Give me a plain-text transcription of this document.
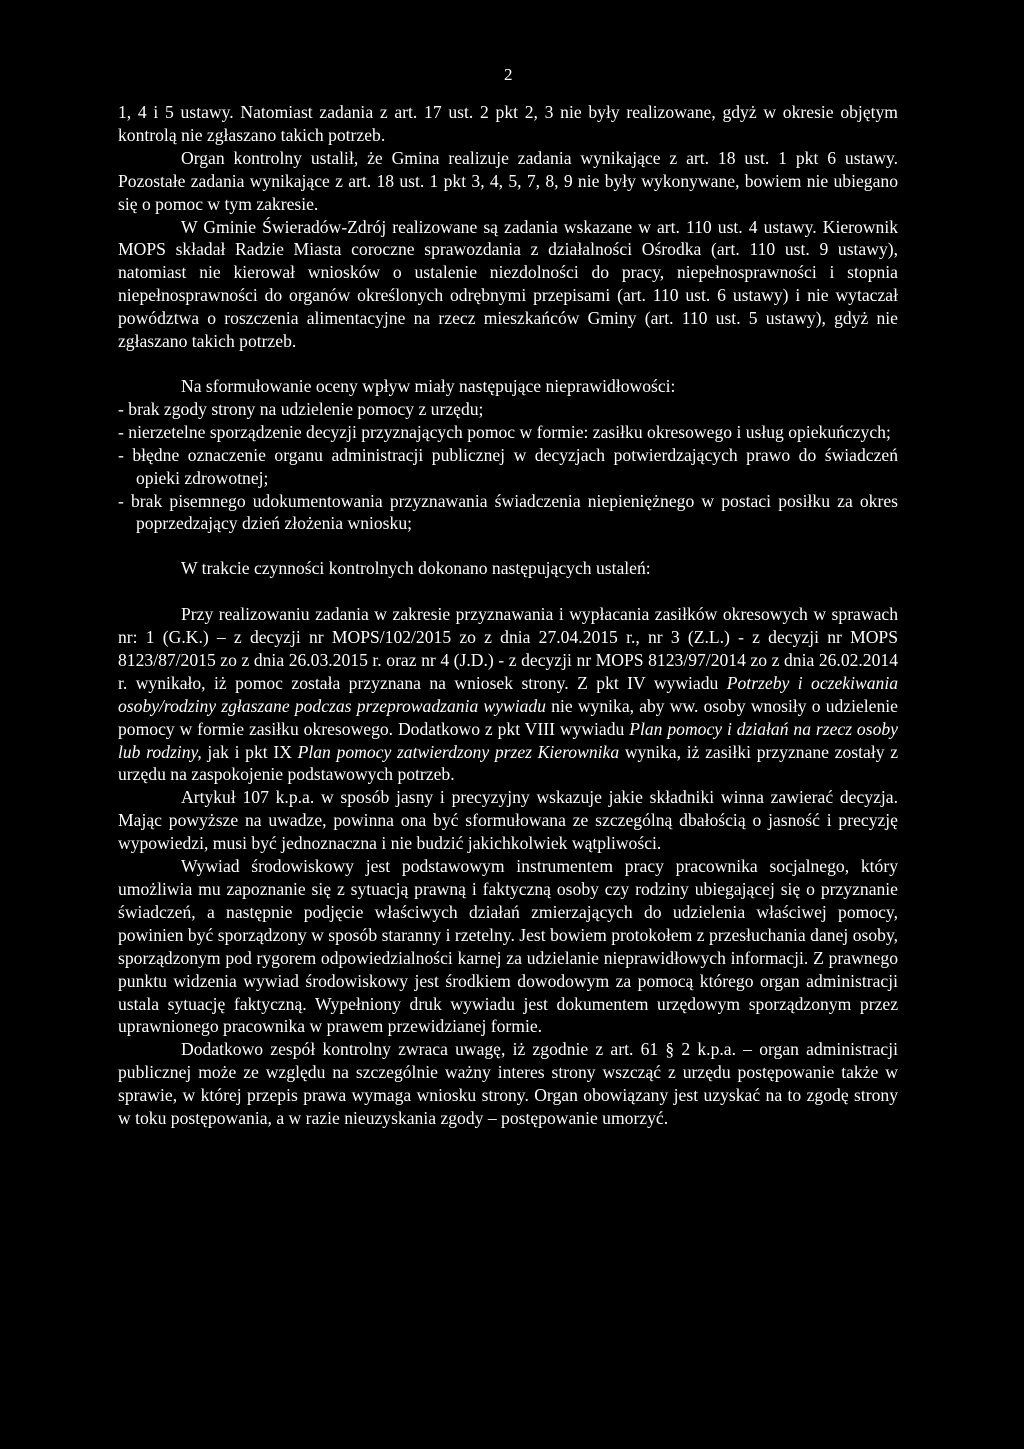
2

1, 4 i 5 ustawy. Natomiast zadania z art. 17 ust. 2 pkt 2, 3 nie były realizowane, gdyż w okresie objętym kontrolą nie zgłaszano takich potrzeb.

Organ kontrolny ustalił, że Gmina realizuje zadania wynikające z art. 18 ust. 1 pkt 6 ustawy. Pozostałe zadania wynikające z art. 18 ust. 1 pkt 3, 4, 5, 7, 8, 9 nie były wykonywane, bowiem nie ubiegano się o pomoc w tym zakresie.

W Gminie Świeradów-Zdrój realizowane są zadania wskazane w art. 110 ust. 4 ustawy. Kierownik MOPS składał Radzie Miasta coroczne sprawozdania z działalności Ośrodka (art. 110 ust. 9 ustawy), natomiast nie kierował wniosków o ustalenie niezdolności do pracy, niepełnosprawności i stopnia niepełnosprawności do organów określonych odrębnymi przepisami (art. 110 ust. 6 ustawy) i nie wytaczał powództwa o roszczenia alimentacyjne na rzecz mieszkańców Gminy (art. 110 ust. 5 ustawy), gdyż nie zgłaszano takich potrzeb.

Na sformułowanie oceny wpływ miały następujące nieprawidłowości:

- brak zgody strony na udzielenie pomocy z urzędu;
- nierzetelne sporządzenie decyzji przyznających pomoc w formie: zasiłku okresowego i usług opiekuńczych;
- błędne oznaczenie organu administracji publicznej w decyzjach potwierdzających prawo do świadczeń opieki zdrowotnej;
- brak pisemnego udokumentowania przyznawania świadczenia niepieniężnego w postaci posiłku za okres poprzedzający dzień złożenia wniosku;

W trakcie czynności kontrolnych dokonano następujących ustaleń:

Przy realizowaniu zadania w zakresie przyznawania i wypłacania zasiłków okresowych w sprawach nr: 1 (G.K.) – z decyzji nr MOPS/102/2015 zo z dnia 27.04.2015 r., nr 3 (Z.L.) - z decyzji nr MOPS 8123/87/2015 zo z dnia 26.03.2015 r. oraz nr 4 (J.D.) - z decyzji nr MOPS 8123/97/2014 zo z dnia 26.02.2014 r. wynikało, iż pomoc została przyznana na wniosek strony. Z pkt IV wywiadu Potrzeby i oczekiwania osoby/rodziny zgłaszane podczas przeprowadzania wywiadu nie wynika, aby ww. osoby wnosiły o udzielenie pomocy w formie zasiłku okresowego. Dodatkowo z pkt VIII wywiadu Plan pomocy i działań na rzecz osoby lub rodziny, jak i pkt IX Plan pomocy zatwierdzony przez Kierownika wynika, iż zasiłki przyznane zostały z urzędu na zaspokojenie podstawowych potrzeb.

Artykuł 107 k.p.a. w sposób jasny i precyzyjny wskazuje jakie składniki winna zawierać decyzja. Mając powyższe na uwadze, powinna ona być sformułowana ze szczególną dbałością o jasność i precyzję wypowiedzi, musi być jednoznaczna i nie budzić jakichkolwiek wątpliwości.

Wywiad środowiskowy jest podstawowym instrumentem pracy pracownika socjalnego, który umożliwia mu zapoznanie się z sytuacją prawną i faktyczną osoby czy rodziny ubiegającej się o przyznanie świadczeń, a następnie podjęcie właściwych działań zmierzających do udzielenia właściwej pomocy, powinien być sporządzony w sposób staranny i rzetelny. Jest bowiem protokołem z przesłuchania danej osoby, sporządzonym pod rygorem odpowiedzialności karnej za udzielanie nieprawidłowych informacji. Z prawnego punktu widzenia wywiad środowiskowy jest środkiem dowodowym za pomocą którego organ administracji ustala sytuację faktyczną. Wypełniony druk wywiadu jest dokumentem urzędowym sporządzonym przez uprawnionego pracownika w prawem przewidzianej formie.

Dodatkowo zespół kontrolny zwraca uwagę, iż zgodnie z art. 61 § 2 k.p.a. – organ administracji publicznej może ze względu na szczególnie ważny interes strony wszcząć z urzędu postępowanie także w sprawie, w której przepis prawa wymaga wniosku strony. Organ obowiązany jest uzyskać na to zgodę strony w toku postępowania, a w razie nieuzyskania zgody – postępowanie umorzyć.
